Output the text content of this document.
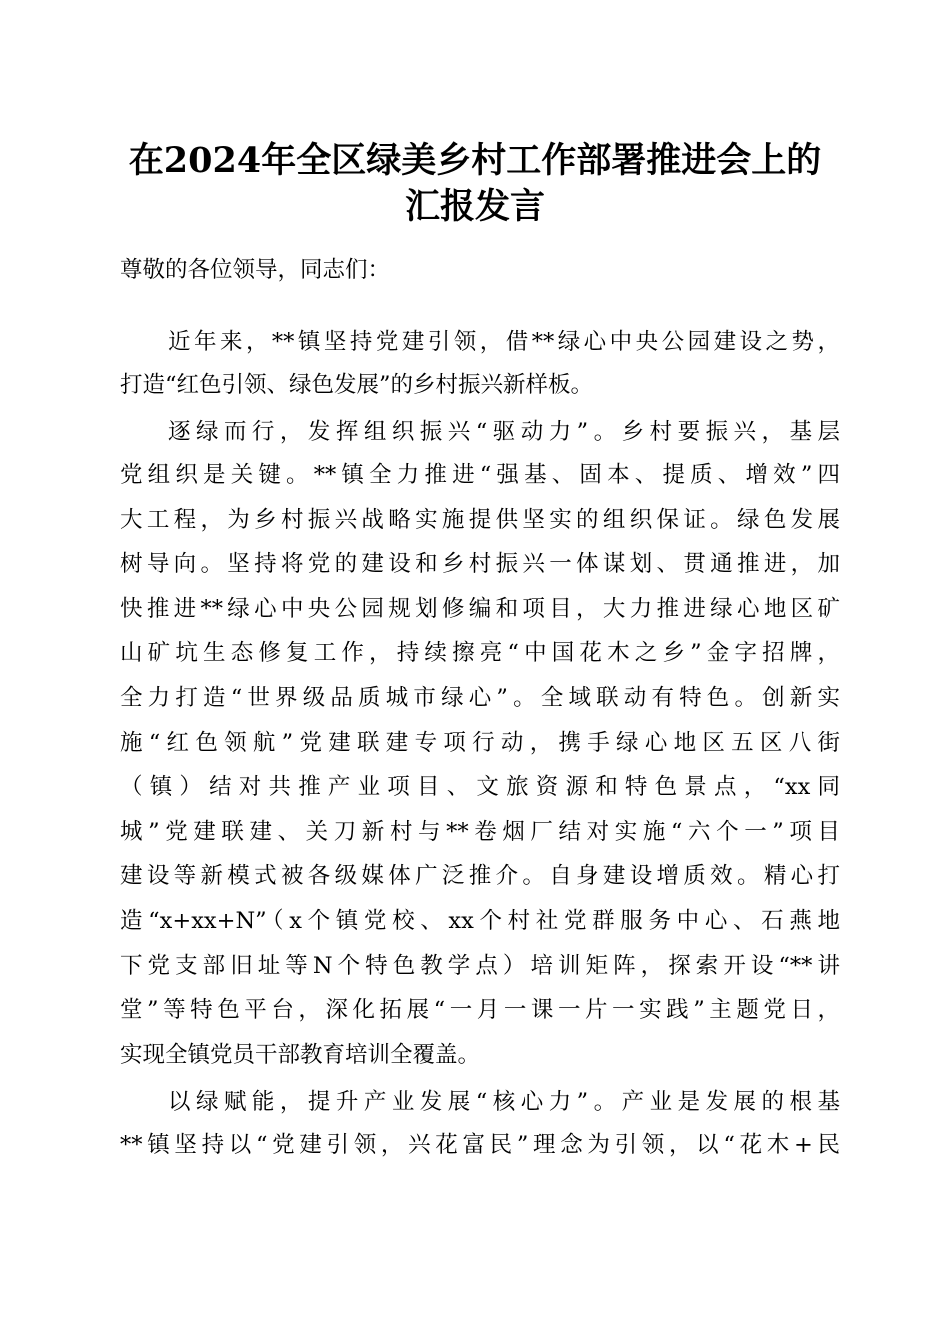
在2024年全区绿美乡村工作部署推进会上的
汇报发言
尊敬的各位领导，同志们：
近年来，**镇坚持党建引领，借**绿心中央公园建设之势，
打造“红色引领、绿色发展”的乡村振兴新样板。
逐绿而行，发挥组织振兴“驱动力”。乡村要振兴，基层
党组织是关键。**镇全力推进“强基、固本、提质、增效”四
大工程，为乡村振兴战略实施提供坚实的组织保证。绿色发展
树导向。坚持将党的建设和乡村振兴一体谋划、贯通推进，加
快推进**绿心中央公园规划修编和项目，大力推进绿心地区矿
山矿坑生态修复工作，持续擦亮“中国花木之乡”金字招牌，
全力打造“世界级品质城市绿心”。全域联动有特色。创新实
施“红色领航”党建联建专项行动，携手绿心地区五区八街
（镇）结对共推产业项目、文旅资源和特色景点，“xx同
城”党建联建、关刀新村与**卷烟厂结对实施“六个一”项目
建设等新模式被各级媒体广泛推介。自身建设增质效。精心打
造“x+xx+N”（x个镇党校、xx个村社党群服务中心、石燕地
下党支部旧址等N个特色教学点）培训矩阵，探索开设“**讲
堂”等特色平台，深化拓展“一月一课一片一实践”主题党日，
实现全镇党员干部教育培训全覆盖。
以绿赋能，提升产业发展“核心力”。产业是发展的根基
**镇坚持以“党建引领，兴花富民”理念为引领，以“花木+民
